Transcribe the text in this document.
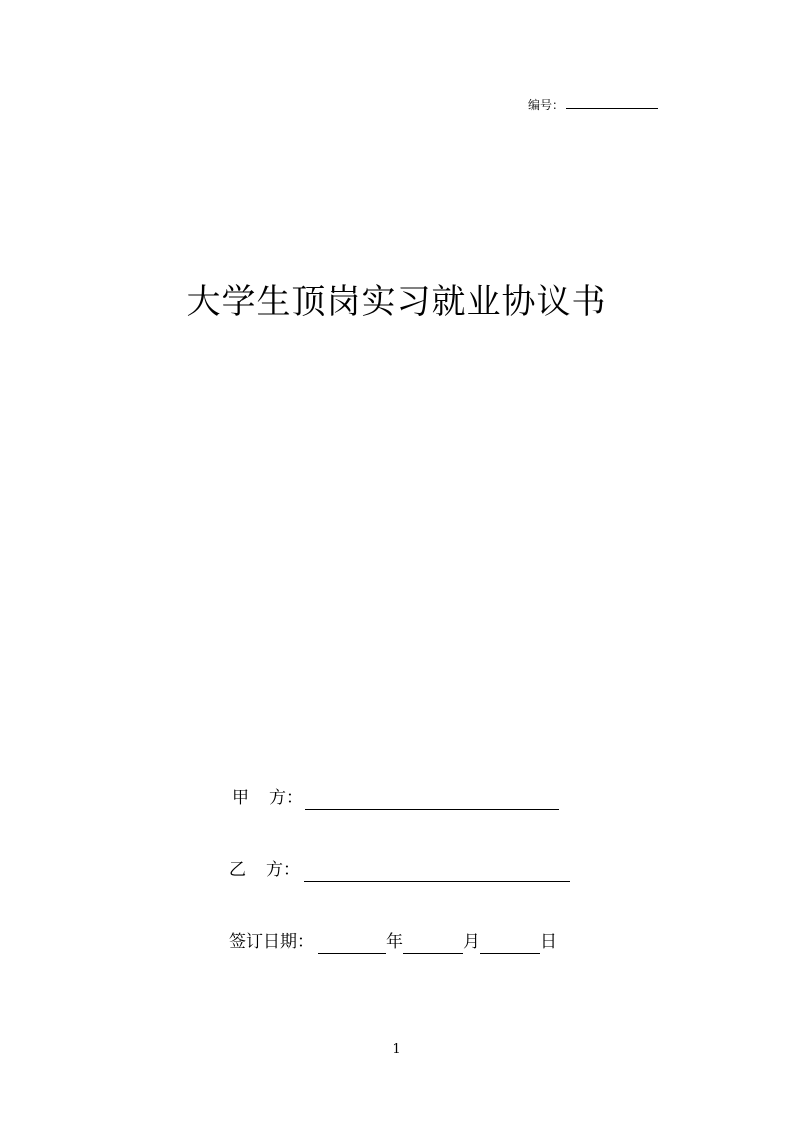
编号：
大学生顶岗实习就业协议书
甲 方：
乙 方：
签订日期：	年	月	日
1
